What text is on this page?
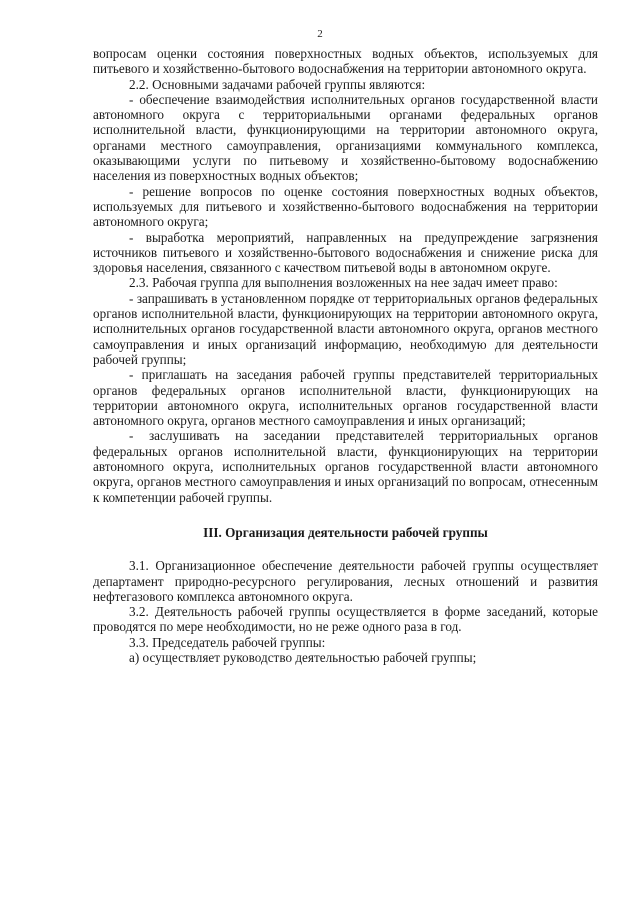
2

вопросам оценки состояния поверхностных водных объектов, используемых для питьевого и хозяйственно-бытового водоснабжения на территории автономного округа.

2.2. Основными задачами рабочей группы являются:

- обеспечение взаимодействия исполнительных органов государственной власти автономного округа с территориальными органами федеральных органов исполнительной власти, функционирующими на территории автономного округа, органами местного самоуправления, организациями коммунального комплекса, оказывающими услуги по питьевому и хозяйственно-бытовому водоснабжению населения из поверхностных водных объектов;

- решение вопросов по оценке состояния поверхностных водных объектов, используемых для питьевого и хозяйственно-бытового водоснабжения на территории автономного округа;

- выработка мероприятий, направленных на предупреждение загрязнения источников питьевого и хозяйственно-бытового водоснабжения и снижение риска для здоровья населения, связанного с качеством питьевой воды в автономном округе.

2.3. Рабочая группа для выполнения возложенных на нее задач имеет право:

- запрашивать в установленном порядке от территориальных органов федеральных органов исполнительной власти, функционирующих на территории автономного округа, исполнительных органов государственной власти автономного округа, органов местного самоуправления и иных организаций информацию, необходимую для деятельности рабочей группы;

- приглашать на заседания рабочей группы представителей территориальных органов федеральных органов исполнительной власти, функционирующих на территории автономного округа, исполнительных органов государственной власти автономного округа, органов местного самоуправления и иных организаций;

- заслушивать на заседании представителей территориальных органов федеральных органов исполнительной власти, функционирующих на территории автономного округа, исполнительных органов государственной власти автономного округа, органов местного самоуправления и иных организаций по вопросам, отнесенным к компетенции рабочей группы.

III. Организация деятельности рабочей группы

3.1. Организационное обеспечение деятельности рабочей группы осуществляет департамент природно-ресурсного регулирования, лесных отношений и развития нефтегазового комплекса автономного округа.

3.2. Деятельность рабочей группы осуществляется в форме заседаний, которые проводятся по мере необходимости, но не реже одного раза в год.

3.3. Председатель рабочей группы:

а) осуществляет руководство деятельностью рабочей группы;
